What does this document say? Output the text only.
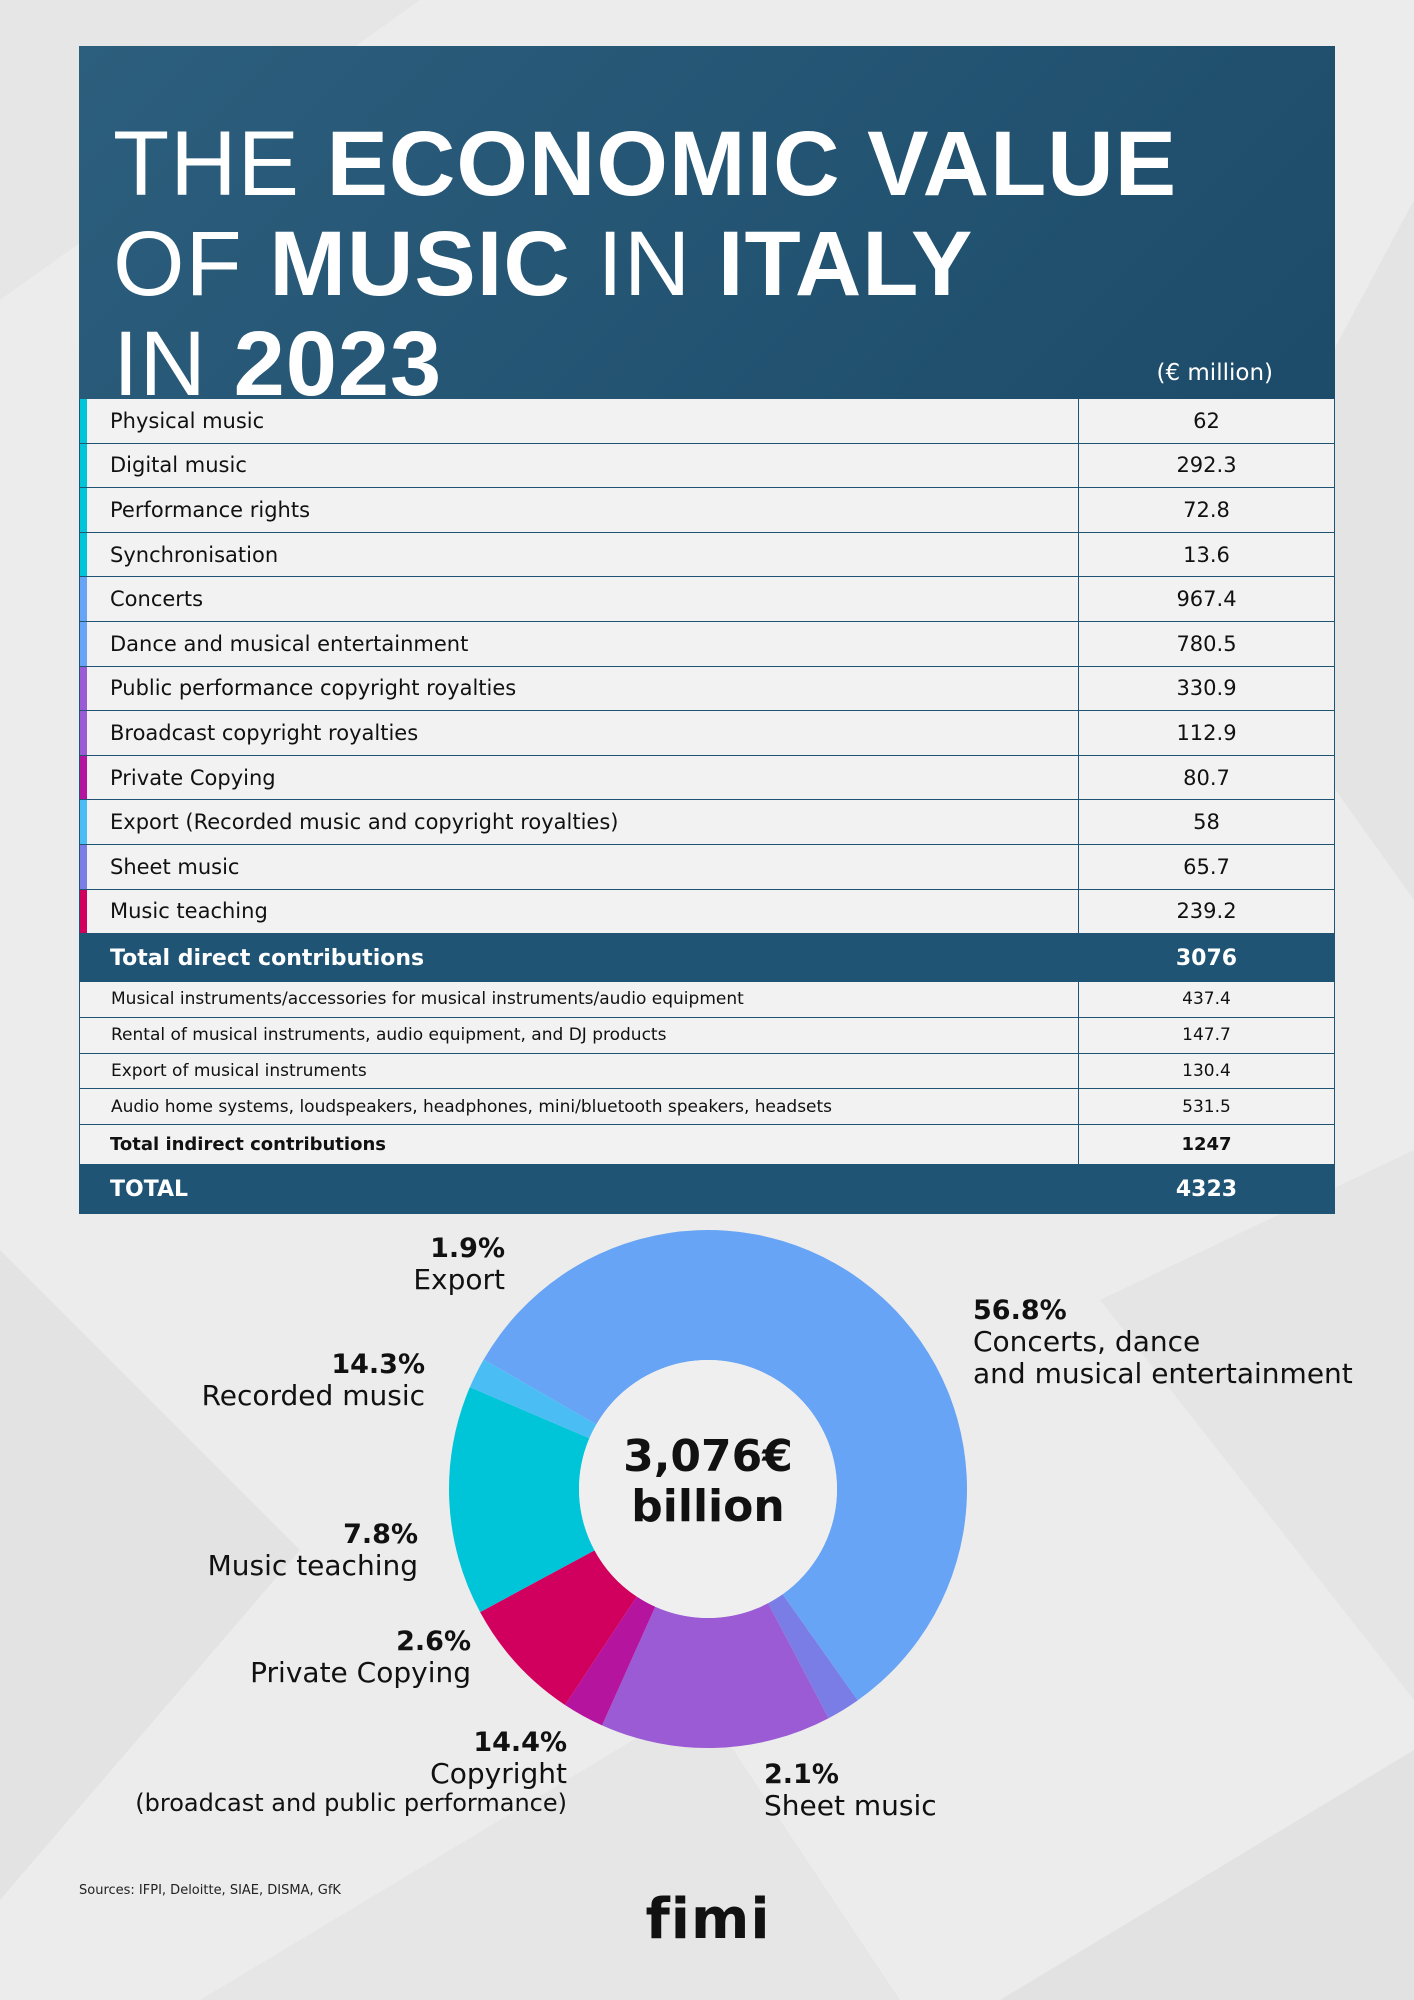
THE ECONOMIC VALUE
OF MUSIC IN ITALY
IN 2023	(€ million)
Physical music	62
Digital music	292.3
Performance rights	72.8
Synchronisation	13.6
Concerts	967.4
Dance and musical entertainment	780.5
Public performance copyright royalties	330.9
Broadcast copyright royalties	112.9
Private Copying	80.7
Export (Recorded music and copyright royalties)	58
Sheet music	65.7
Music teaching	239.2
Total direct contributions	3076
Musical instruments/accessories for musical instruments/audio equipment	437.4
Rental of musical instruments, audio equipment, and DJ products	147.7
Export of musical instruments	130.4
Audio home systems, loudspeakers, headphones, mini/bluetooth speakers, headsets	531.5
Total indirect contributions	1247
TOTAL	4323
3,076€
billion
56.8%
Concerts, dance
and musical entertainment
2.1%
Sheet music
14.4%
Copyright
(broadcast and public performance)
2.6%
Private Copying
7.8%
Music teaching
14.3%
Recorded music
1.9%
Export
Sources: IFPI, Deloitte, SIAE, DISMA, GfK	fimi
